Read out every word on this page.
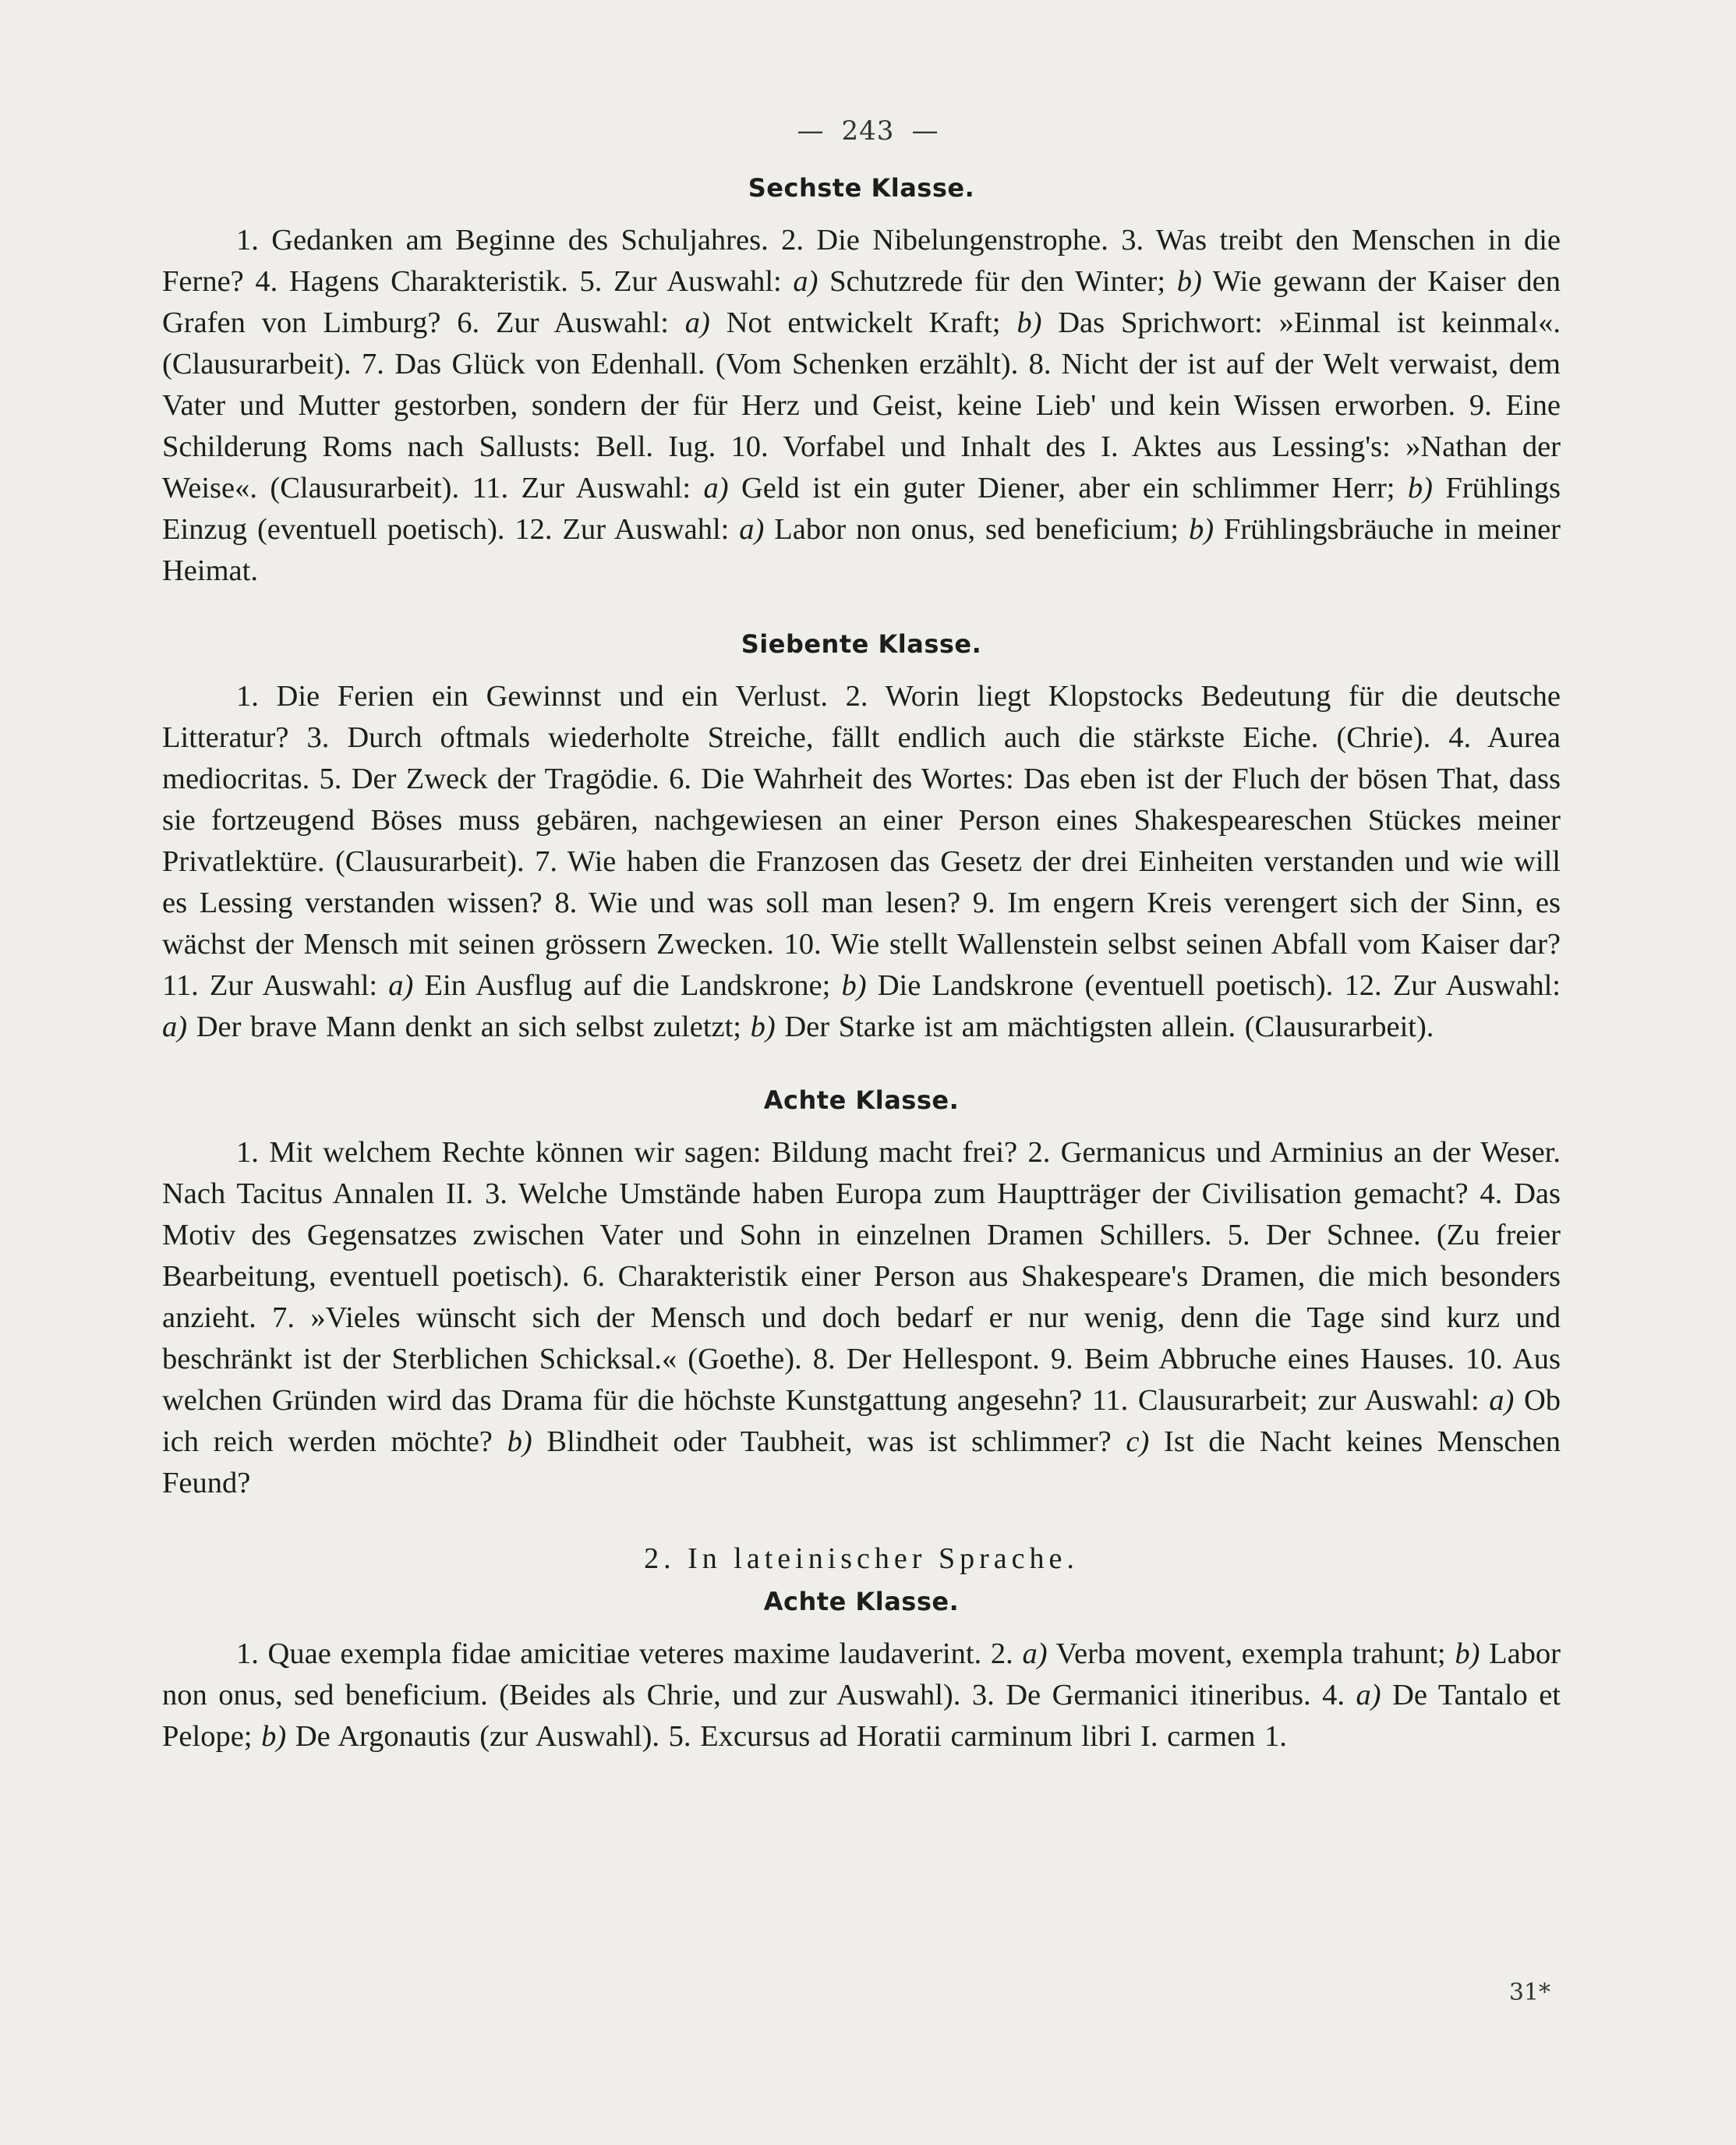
— 243 —
Sechste Klasse.

1. Gedanken am Beginne des Schuljahres. 2. Die Nibelungenstrophe. 3. Was treibt den Menschen in die Ferne? 4. Hagens Charakteristik. 5. Zur Auswahl: a) Schutzrede für den Winter; b) Wie gewann der Kaiser den Grafen von Limburg? 6. Zur Auswahl: a) Not entwickelt Kraft; b) Das Sprichwort: »Einmal ist keinmal«. (Clausurarbeit). 7. Das Glück von Edenhall. (Vom Schenken erzählt). 8. Nicht der ist auf der Welt verwaist, dem Vater und Mutter gestorben, sondern der für Herz und Geist, keine Lieb' und kein Wissen erworben. 9. Eine Schilderung Roms nach Sallusts: Bell. Iug. 10. Vorfabel und Inhalt des I. Aktes aus Lessing's: »Nathan der Weise«. (Clausurarbeit). 11. Zur Auswahl: a) Geld ist ein guter Diener, aber ein schlimmer Herr; b) Frühlings Einzug (eventuell poetisch). 12. Zur Auswahl: a) Labor non onus, sed beneficium; b) Frühlingsbräuche in meiner Heimat.

Siebente Klasse.

1. Die Ferien ein Gewinnst und ein Verlust. 2. Worin liegt Klopstocks Bedeutung für die deutsche Litteratur? 3. Durch oftmals wiederholte Streiche, fällt endlich auch die stärkste Eiche. (Chrie). 4. Aurea mediocritas. 5. Der Zweck der Tragödie. 6. Die Wahrheit des Wortes: Das eben ist der Fluch der bösen That, dass sie fortzeugend Böses muss gebären, nachgewiesen an einer Person eines Shakespeareschen Stückes meiner Privatlektüre. (Clausurarbeit). 7. Wie haben die Franzosen das Gesetz der drei Einheiten verstanden und wie will es Lessing verstanden wissen? 8. Wie und was soll man lesen? 9. Im engern Kreis verengert sich der Sinn, es wächst der Mensch mit seinen grössern Zwecken. 10. Wie stellt Wallenstein selbst seinen Abfall vom Kaiser dar? 11. Zur Auswahl: a) Ein Ausflug auf die Landskrone; b) Die Landskrone (eventuell poetisch). 12. Zur Auswahl: a) Der brave Mann denkt an sich selbst zuletzt; b) Der Starke ist am mächtigsten allein. (Clausurarbeit).

Achte Klasse.

1. Mit welchem Rechte können wir sagen: Bildung macht frei? 2. Germanicus und Arminius an der Weser. Nach Tacitus Annalen II. 3. Welche Umstände haben Europa zum Hauptträger der Civilisation gemacht? 4. Das Motiv des Gegensatzes zwischen Vater und Sohn in einzelnen Dramen Schillers. 5. Der Schnee. (Zu freier Bearbeitung, eventuell poetisch). 6. Charakteristik einer Person aus Shakespeare's Dramen, die mich besonders anzieht. 7. »Vieles wünscht sich der Mensch und doch bedarf er nur wenig, denn die Tage sind kurz und beschränkt ist der Sterblichen Schicksal.« (Goethe). 8. Der Hellespont. 9. Beim Abbruche eines Hauses. 10. Aus welchen Gründen wird das Drama für die höchste Kunstgattung angesehn? 11. Clausurarbeit; zur Auswahl: a) Ob ich reich werden möchte? b) Blindheit oder Taubheit, was ist schlimmer? c) Ist die Nacht keines Menschen Feund?

2. In lateinischer Sprache.
Achte Klasse.

1. Quae exempla fidae amicitiae veteres maxime laudaverint. 2. a) Verba movent, exempla trahunt; b) Labor non onus, sed beneficium. (Beides als Chrie, und zur Auswahl). 3. De Germanici itineribus. 4. a) De Tantalo et Pelope; b) De Argonautis (zur Auswahl). 5. Excursus ad Horatii carminum libri I. carmen 1.

31*
